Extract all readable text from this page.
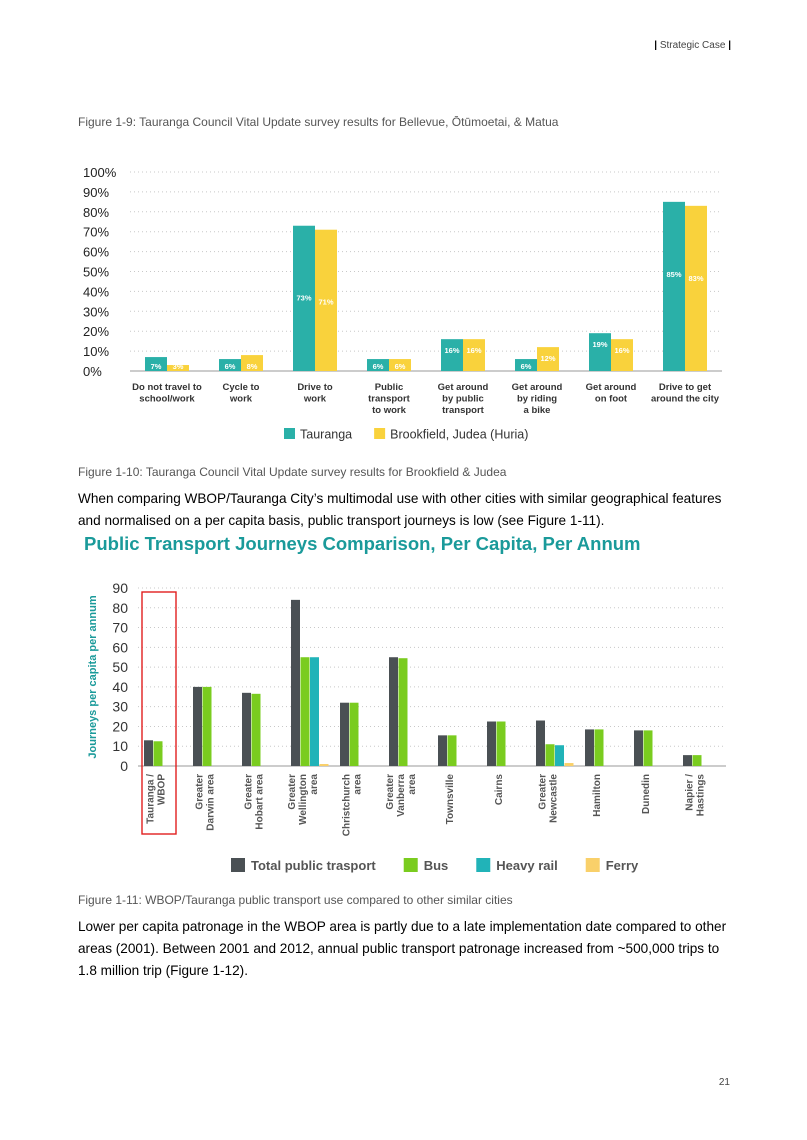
| Strategic Case |
Figure 1-9: Tauranga Council Vital Update survey results for Bellevue, Ōtūmoetai, & Matua
0%
10%
20%
30%
40%
50%
60%
70%
80%
90%
100%
7% 3%
Do not travel to
school/work
6% 8%
Cycle to
work
73% 71%
Drive to
work
6% 6%
Public
transport
to work
16% 16%
Get around
by public
transport
6%
12%
Get around
by riding
a bike
19%
16%
Get around
on foot
85% 83%
Drive to get
around the city
Tauranga	Brookfield, Judea (Huria)
Figure 1-10: Tauranga Council Vital Update survey results for Brookfield & Judea
When comparing WBOP/Tauranga City’s multimodal use with other cities with similar geographical features and normalised on a per capita basis, public transport journeys is low (see Figure 1-11).
Public Transport Journeys Comparison, Per Capita, Per Annum
Journeys per capita per annum
0
10
20
30
40
50
60
70
80
90
Tauranga / WBOP	Greater Darwin area	Greater Hobart area Greater Wellington area Christchurch area Greater Vanberra area	Townsville	Cairns	Greater Newcastle	Hamilton	Dunedin	Napier / Hastings
Total public trasport	Bus	Heavy rail	Ferry
Figure 1-11: WBOP/Tauranga public transport use compared to other similar cities
Lower per capita patronage in the WBOP area is partly due to a late implementation date compared to other areas (2001). Between 2001 and 2012, annual public transport patronage increased from ~500,000 trips to 1.8 million trip (Figure 1-12).
21
